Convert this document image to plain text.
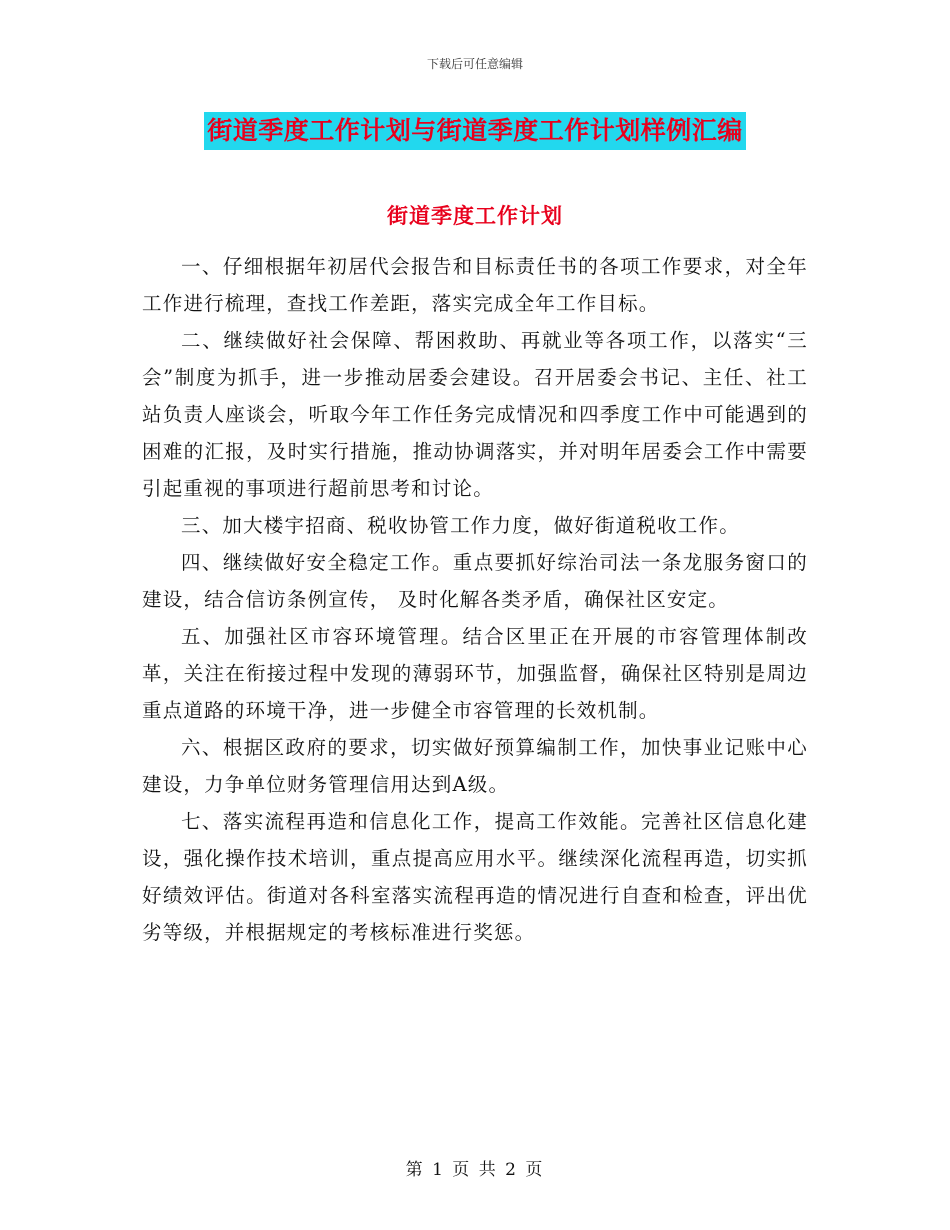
下载后可任意编辑
街道季度工作计划与街道季度工作计划样例汇编
街道季度工作计划

一、仔细根据年初居代会报告和目标责任书的各项工作要求，对全年工作进行梳理，查找工作差距，落实完成全年工作目标。

二、继续做好社会保障、帮困救助、再就业等各项工作，以落实“三会”制度为抓手，进一步推动居委会建设。召开居委会书记、主任、社工站负责人座谈会，听取今年工作任务完成情况和四季度工作中可能遇到的困难的汇报，及时实行措施，推动协调落实，并对明年居委会工作中需要引起重视的事项进行超前思考和讨论。

三、加大楼宇招商、税收协管工作力度，做好街道税收工作。

四、继续做好安全稳定工作。重点要抓好综治司法一条龙服务窗口的建设，结合信访条例宣传， 及时化解各类矛盾，确保社区安定。

五、加强社区市容环境管理。结合区里正在开展的市容管理体制改革，关注在衔接过程中发现的薄弱环节，加强监督，确保社区特别是周边重点道路的环境干净，进一步健全市容管理的长效机制。

六、根据区政府的要求，切实做好预算编制工作，加快事业记账中心建设，力争单位财务管理信用达到A级。

七、落实流程再造和信息化工作，提高工作效能。完善社区信息化建设，强化操作技术培训，重点提高应用水平。继续深化流程再造，切实抓好绩效评估。街道对各科室落实流程再造的情况进行自查和检查，评出优劣等级，并根据规定的考核标准进行奖惩。

第 1 页 共 2 页
